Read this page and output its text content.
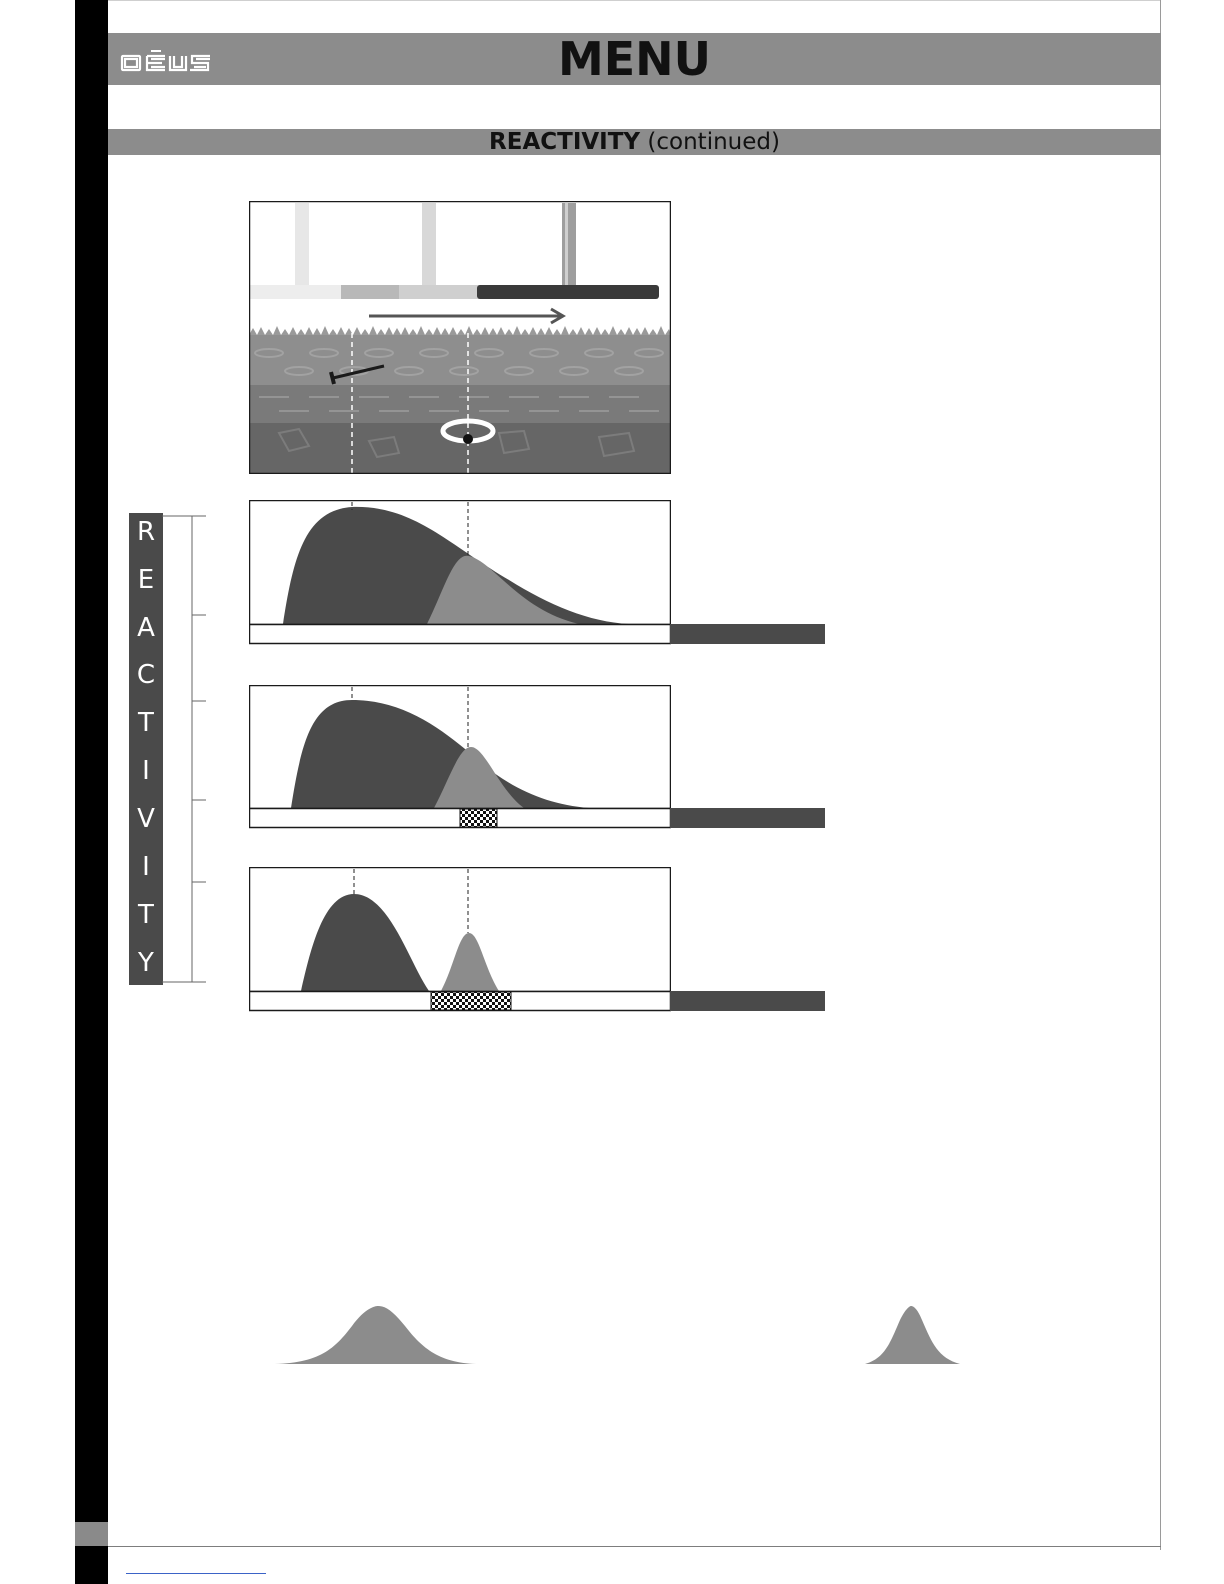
MENU
REACTIVITY (continued)
R
E
A
C
T
I
V
I
T
Y
